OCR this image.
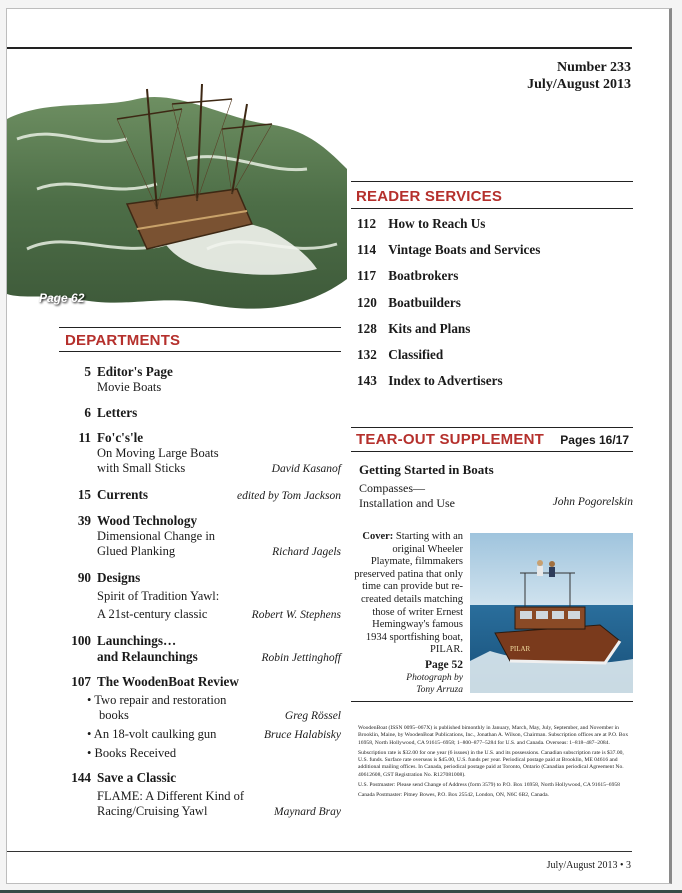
Number 233
July/August 2013
Page 62
READER SERVICES
112 How to Reach Us
114 Vintage Boats and Services
117 Boatbrokers
120 Boatbuilders
128 Kits and Plans
132 Classified
143 Index to Advertisers
TEAR-OUT SUPPLEMENT Pages 16/17
Getting Started in Boats
Compasses—
Installation and Use	John Pogorelskin
DEPARTMENTS
5 Editor's Page
Movie Boats
6 Letters
11 Fo'c's'le
On Moving Large Boats
with Small Sticks	David Kasanof
15 Currents	edited by Tom Jackson
39 Wood Technology
Dimensional Change in
Glued Planking	Richard Jagels
90 Designs
Spirit of Tradition Yawl:
A 21st-century classic	Robert W. Stephens
100 Launchings…
and Relaunchings	Robin Jettinghoff
107 The WoodenBoat Review
• Two repair and restoration
books	Greg Rössel
• An 18-volt caulking gun	Bruce Halabisky
• Books Received
144 Save a Classic
FLAME: A Different Kind of
Racing/Cruising Yawl	Maynard Bray
Cover: Starting with an original Wheeler Playmate, filmmakers preserved patina that only time can provide but re-created details matching those of writer Ernest Hemingway's famous 1934 sportfishing boat, PILAR.
Page 52
Photograph by
Tony Arruza
PILAR

WoodenBoat (ISSN 0095–067X) is published bimonthly in January, March, May, July, September, and November in Brooklin, Maine, by WoodenBoat Publications, Inc., Jonathan A. Wilson, Chairman. Subscription offices are at P.O. Box 16958, North Hollywood, CA 91615–6958; 1–800–877–5284 for U.S. and Canada. Overseas: 1–818–487–2084.

Subscription rate is $32.00 for one year (6 issues) in the U.S. and its possessions. Canadian subscription rate is $37.00, U.S. funds. Surface rate overseas is $45.00, U.S. funds per year. Periodical postage paid at Brooklin, ME 04616 and additional mailing offices. In Canada, periodical postage paid at Toronto, Ontario (Canadian periodical Agreement No. 40612608, GST Registration No. R127081008).

U.S. Postmaster: Please send Change of Address (form 3579) to P.O. Box 16958, North Hollywood, CA 91615–6958

Canada Postmaster: Pitney Bowes, P.O. Box 25542, London, ON, N6C 6B2, Canada.

July/August 2013 • 3
